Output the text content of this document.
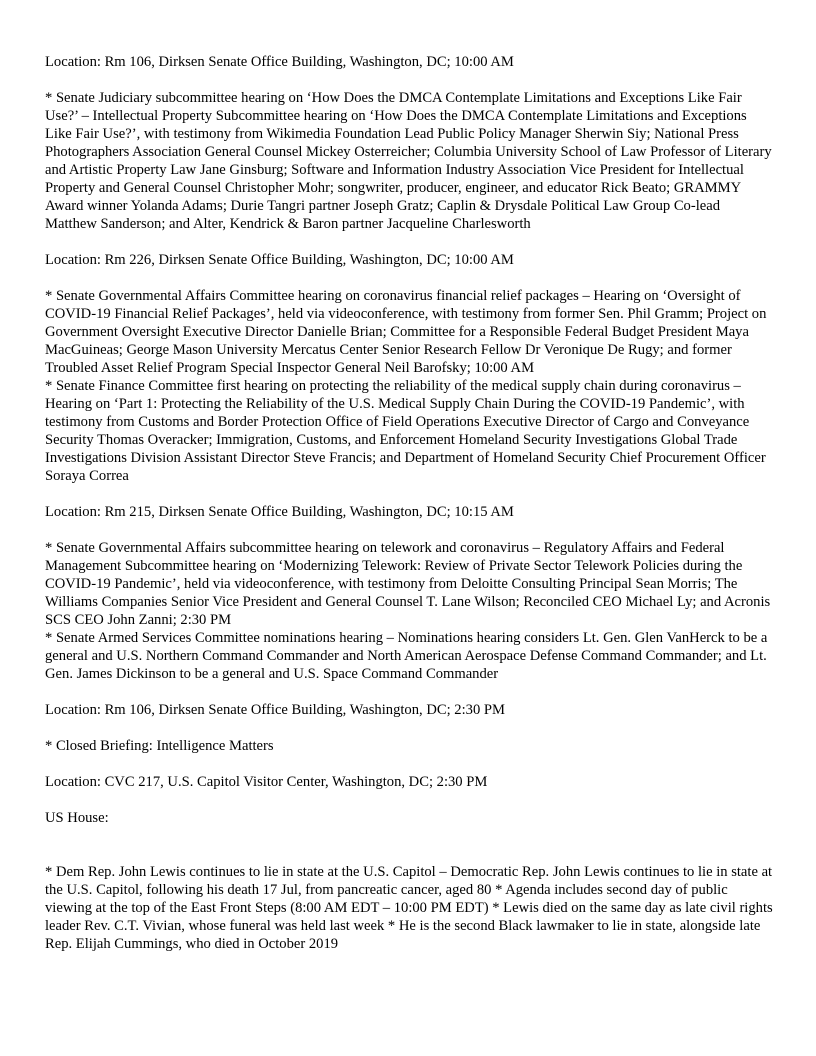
Location: Rm 106, Dirksen Senate Office Building, Washington, DC; 10:00 AM

* Senate Judiciary subcommittee hearing on ‘How Does the DMCA Contemplate Limitations and Exceptions Like Fair Use?’ – Intellectual Property Subcommittee hearing on ‘How Does the DMCA Contemplate Limitations and Exceptions Like Fair Use?’, with testimony from Wikimedia Foundation Lead Public Policy Manager Sherwin Siy; National Press Photographers Association General Counsel Mickey Osterreicher; Columbia University School of Law Professor of Literary and Artistic Property Law Jane Ginsburg; Software and Information Industry Association Vice President for Intellectual Property and General Counsel Christopher Mohr; songwriter, producer, engineer, and educator Rick Beato; GRAMMY Award winner Yolanda Adams; Durie Tangri partner Joseph Gratz; Caplin & Drysdale Political Law Group Co-lead Matthew Sanderson; and Alter, Kendrick & Baron partner Jacqueline Charlesworth

Location: Rm 226, Dirksen Senate Office Building, Washington, DC; 10:00 AM

* Senate Governmental Affairs Committee hearing on coronavirus financial relief packages – Hearing on ‘Oversight of COVID-19 Financial Relief Packages’, held via videoconference, with testimony from former Sen. Phil Gramm; Project on Government Oversight Executive Director Danielle Brian; Committee for a Responsible Federal Budget President Maya MacGuineas; George Mason University Mercatus Center Senior Research Fellow Dr Veronique De Rugy; and former Troubled Asset Relief Program Special Inspector General Neil Barofsky; 10:00 AM

* Senate Finance Committee first hearing on protecting the reliability of the medical supply chain during coronavirus – Hearing on ‘Part 1: Protecting the Reliability of the U.S. Medical Supply Chain During the COVID-19 Pandemic’, with testimony from Customs and Border Protection Office of Field Operations Executive Director of Cargo and Conveyance Security Thomas Overacker; Immigration, Customs, and Enforcement Homeland Security Investigations Global Trade Investigations Division Assistant Director Steve Francis; and Department of Homeland Security Chief Procurement Officer Soraya Correa

Location: Rm 215, Dirksen Senate Office Building, Washington, DC; 10:15 AM

* Senate Governmental Affairs subcommittee hearing on telework and coronavirus – Regulatory Affairs and Federal Management Subcommittee hearing on ‘Modernizing Telework: Review of Private Sector Telework Policies during the COVID-19 Pandemic’, held via videoconference, with testimony from Deloitte Consulting Principal Sean Morris; The Williams Companies Senior Vice President and General Counsel T. Lane Wilson; Reconciled CEO Michael Ly; and Acronis SCS CEO John Zanni; 2:30 PM

* Senate Armed Services Committee nominations hearing – Nominations hearing considers Lt. Gen. Glen VanHerck to be a general and U.S. Northern Command Commander and North American Aerospace Defense Command Commander; and Lt. Gen. James Dickinson to be a general and U.S. Space Command Commander

Location: Rm 106, Dirksen Senate Office Building, Washington, DC; 2:30 PM

* Closed Briefing: Intelligence Matters

Location: CVC 217, U.S. Capitol Visitor Center, Washington, DC; 2:30 PM

US House:

* Dem Rep. John Lewis continues to lie in state at the U.S. Capitol – Democratic Rep. John Lewis continues to lie in state at the U.S. Capitol, following his death 17 Jul, from pancreatic cancer, aged 80 * Agenda includes second day of public viewing at the top of the East Front Steps (8:00 AM EDT – 10:00 PM EDT) * Lewis died on the same day as late civil rights leader Rev. C.T. Vivian, whose funeral was held last week * He is the second Black lawmaker to lie in state, alongside late Rep. Elijah Cummings, who died in October 2019
